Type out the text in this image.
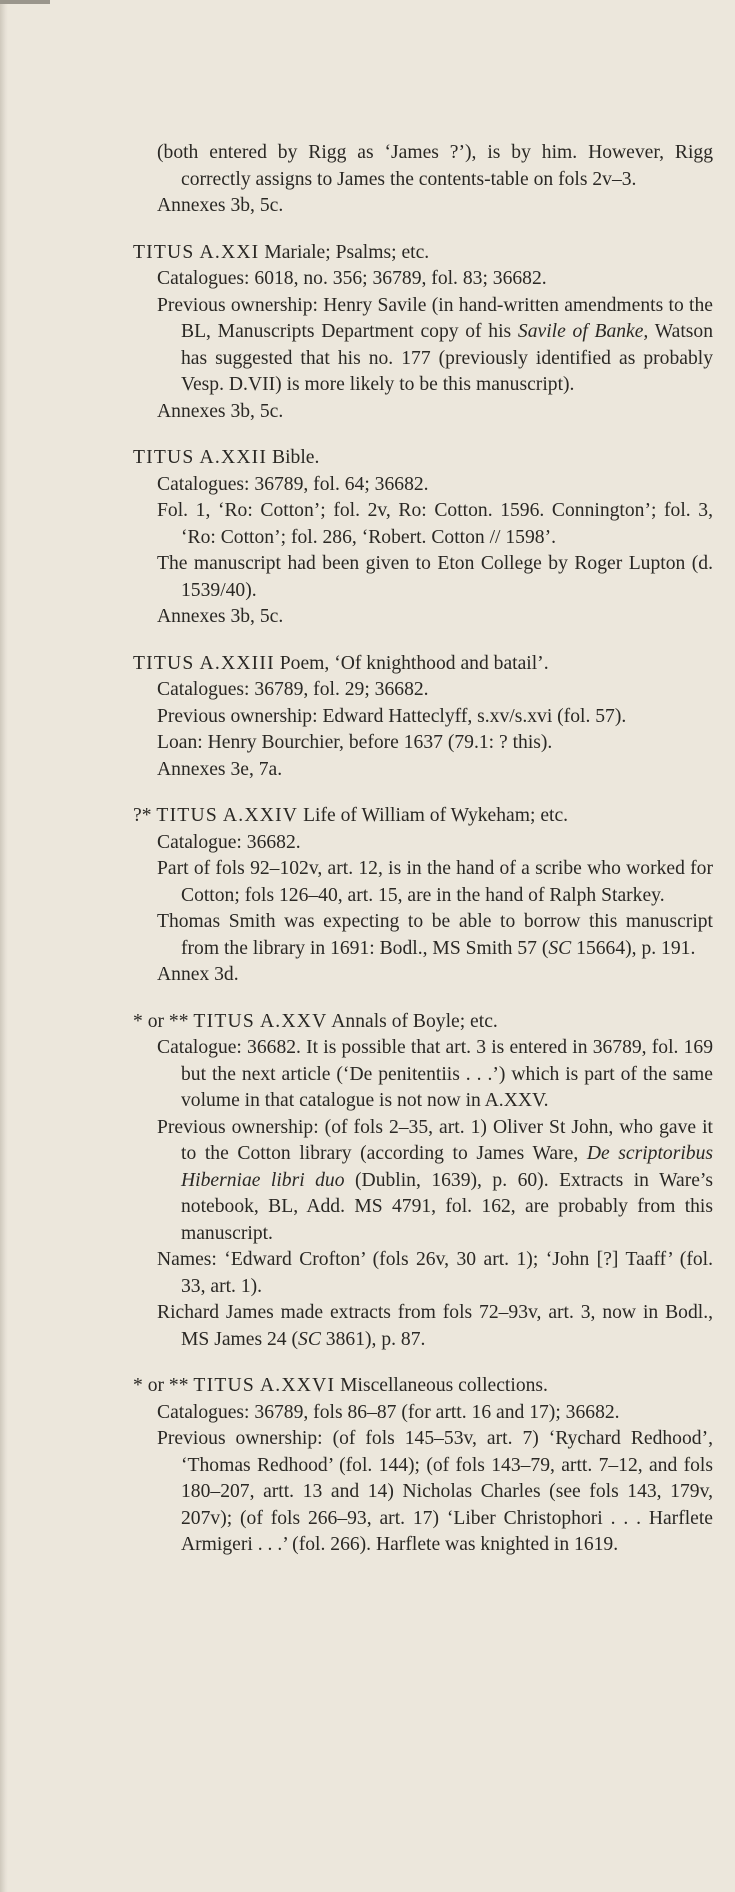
(both entered by Rigg as ‘James ?’), is by him. However, Rigg correctly assigns to James the contents-table on fols 2v–3.
Annexes 3b, 5c.
TITUS A.XXI Mariale; Psalms; etc.
Catalogues: 6018, no. 356; 36789, fol. 83; 36682.
Previous ownership: Henry Savile (in hand-written amendments to the BL, Manuscripts Department copy of his Savile of Banke, Watson has suggested that his no. 177 (previously identified as probably Vesp. D.VII) is more likely to be this manuscript).
Annexes 3b, 5c.
TITUS A.XXII Bible.
Catalogues: 36789, fol. 64; 36682.
Fol. 1, ‘Ro: Cotton’; fol. 2v, Ro: Cotton. 1596. Connington’; fol. 3, ‘Ro: Cotton’; fol. 286, ‘Robert. Cotton // 1598’.
The manuscript had been given to Eton College by Roger Lupton (d. 1539/40).
Annexes 3b, 5c.
TITUS A.XXIII Poem, ‘Of knighthood and batail’.
Catalogues: 36789, fol. 29; 36682.
Previous ownership: Edward Hatteclyff, s.xv/s.xvi (fol. 57).
Loan: Henry Bourchier, before 1637 (79.1: ? this).
Annexes 3e, 7a.
?* TITUS A.XXIV Life of William of Wykeham; etc.
Catalogue: 36682.
Part of fols 92–102v, art. 12, is in the hand of a scribe who worked for Cotton; fols 126–40, art. 15, are in the hand of Ralph Starkey.
Thomas Smith was expecting to be able to borrow this manuscript from the library in 1691: Bodl., MS Smith 57 (SC 15664), p. 191.
Annex 3d.
* or ** TITUS A.XXV Annals of Boyle; etc.
Catalogue: 36682. It is possible that art. 3 is entered in 36789, fol. 169 but the next article (‘De penitentiis . . .’) which is part of the same volume in that catalogue is not now in A.XXV.
Previous ownership: (of fols 2–35, art. 1) Oliver St John, who gave it to the Cotton library (according to James Ware, De scriptoribus Hiberniae libri duo (Dublin, 1639), p. 60). Extracts in Ware’s notebook, BL, Add. MS 4791, fol. 162, are probably from this manuscript.
Names: ‘Edward Crofton’ (fols 26v, 30 art. 1); ‘John [?] Taaff’ (fol. 33, art. 1).
Richard James made extracts from fols 72–93v, art. 3, now in Bodl., MS James 24 (SC 3861), p. 87.
* or ** TITUS A.XXVI Miscellaneous collections.
Catalogues: 36789, fols 86–87 (for artt. 16 and 17); 36682.
Previous ownership: (of fols 145–53v, art. 7) ‘Rychard Redhood’, ‘Thomas Redhood’ (fol. 144); (of fols 143–79, artt. 7–12, and fols 180–207, artt. 13 and 14) Nicholas Charles (see fols 143, 179v, 207v); (of fols 266–93, art. 17) ‘Liber Christophori . . . Harflete Armigeri . . .’ (fol. 266). Harflete was knighted in 1619.
